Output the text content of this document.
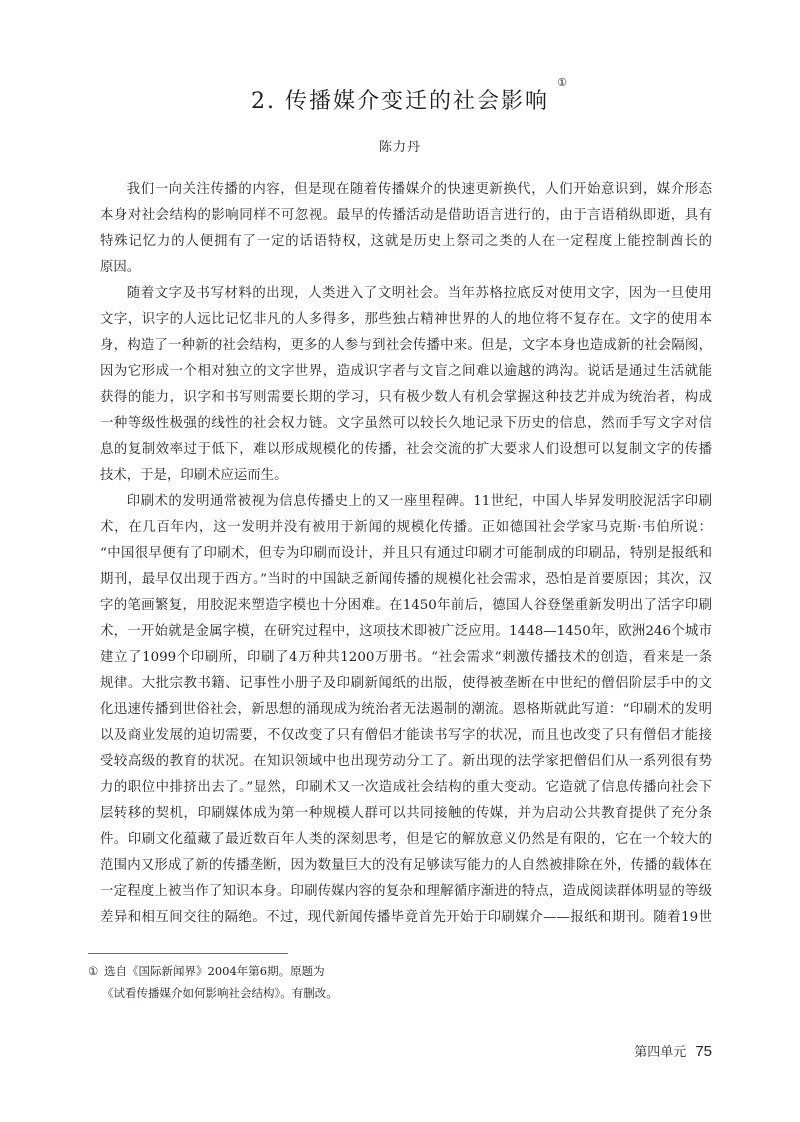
2. 传播媒介变迁的社会影响
①
陈力丹
我们一向关注传播的内容，但是现在随着传播媒介的快速更新换代，人们开始意识到，媒介形态
本身对社会结构的影响同样不可忽视。最早的传播活动是借助语言进行的，由于言语稍纵即逝，具有
特殊记忆力的人便拥有了一定的话语特权，这就是历史上祭司之类的人在一定程度上能控制酋长的
原因。
随着文字及书写材料的出现，人类进入了文明社会。当年苏格拉底反对使用文字，因为一旦使用
文字，识字的人远比记忆非凡的人多得多，那些独占精神世界的人的地位将不复存在。文字的使用本
身，构造了一种新的社会结构，更多的人参与到社会传播中来。但是，文字本身也造成新的社会隔阂，
因为它形成一个相对独立的文字世界，造成识字者与文盲之间难以逾越的鸿沟。说话是通过生活就能
获得的能力，识字和书写则需要长期的学习，只有极少数人有机会掌握这种技艺并成为统治者，构成
一种等级性极强的线性的社会权力链。文字虽然可以较长久地记录下历史的信息，然而手写文字对信
息的复制效率过于低下，难以形成规模化的传播，社会交流的扩大要求人们设想可以复制文字的传播
技术，于是，印刷术应运而生。
印刷术的发明通常被视为信息传播史上的又一座里程碑。11世纪，中国人毕昇发明胶泥活字印刷
术，在几百年内，这一发明并没有被用于新闻的规模化传播。正如德国社会学家马克斯·韦伯所说：
“中国很早便有了印刷术，但专为印刷而设计，并且只有通过印刷才可能制成的印刷品，特别是报纸和
期刊，最早仅出现于西方。”当时的中国缺乏新闻传播的规模化社会需求，恐怕是首要原因；其次，汉
字的笔画繁复，用胶泥来塑造字模也十分困难。在1450年前后，德国人谷登堡重新发明出了活字印刷
术，一开始就是金属字模，在研究过程中，这项技术即被广泛应用。1448—1450年，欧洲246个城市
建立了1099个印刷所，印刷了4万种共1200万册书。“社会需求”刺激传播技术的创造，看来是一条
规律。大批宗教书籍、记事性小册子及印刷新闻纸的出版，使得被垄断在中世纪的僧侣阶层手中的文
化迅速传播到世俗社会，新思想的涌现成为统治者无法遏制的潮流。恩格斯就此写道：“印刷术的发明
以及商业发展的迫切需要，不仅改变了只有僧侣才能读书写字的状况，而且也改变了只有僧侣才能接
受较高级的教育的状况。在知识领域中也出现劳动分工了。新出现的法学家把僧侣们从一系列很有势
力的职位中排挤出去了。”显然，印刷术又一次造成社会结构的重大变动。它造就了信息传播向社会下
层转移的契机，印刷媒体成为第一种规模人群可以共同接触的传媒，并为启动公共教育提供了充分条
件。印刷文化蕴藏了最近数百年人类的深刻思考，但是它的解放意义仍然是有限的，它在一个较大的
范围内又形成了新的传播垄断，因为数量巨大的没有足够读写能力的人自然被排除在外，传播的载体在
一定程度上被当作了知识本身。印刷传媒内容的复杂和理解循序渐进的特点，造成阅读群体明显的等级
差异和相互间交往的隔绝。不过，现代新闻传播毕竟首先开始于印刷媒介——报纸和期刊。随着19世
① 选自《国际新闻界》2004年第6期。原题为
《试看传播媒介如何影响社会结构》。有删改。
第四单元 75
